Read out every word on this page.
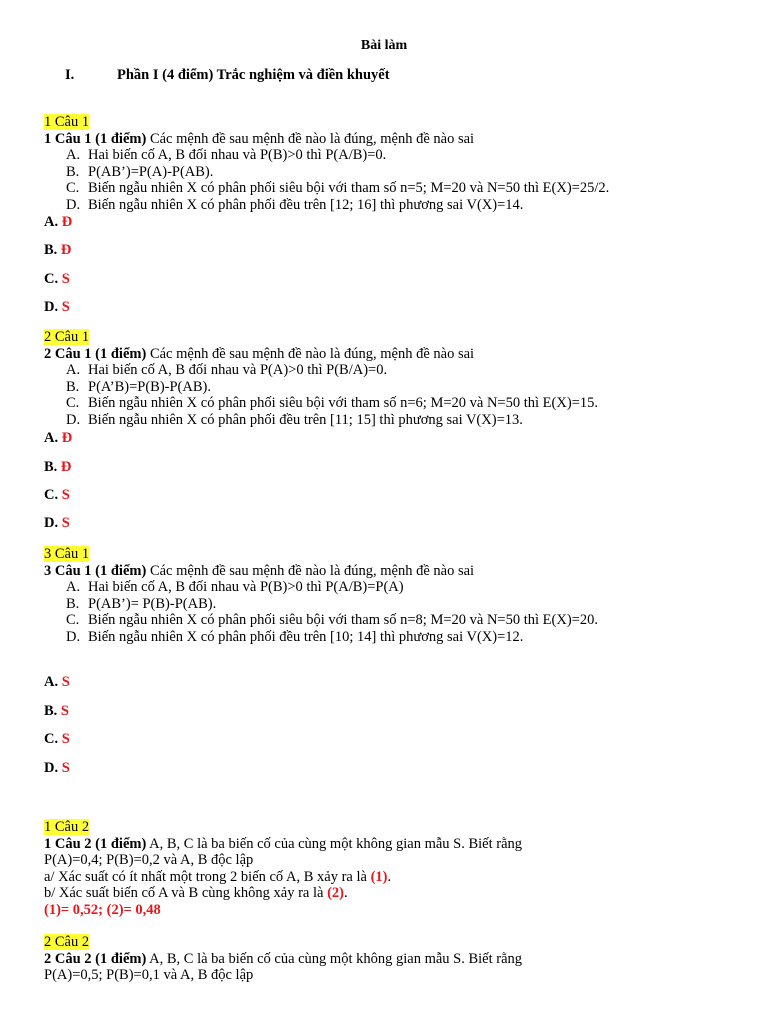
Bài làm
I.	Phần I (4 điểm) Trắc nghiệm và điền khuyết
1 Câu 1
1 Câu 1 (1 điểm) Các mệnh đề sau mệnh đề nào là đúng, mệnh đề nào sai
A. Hai biến cố A, B đối nhau và P(B)>0 thì P(A/B)=0.
B. P(AB’)=P(A)-P(AB).
C. Biến ngẫu nhiên X có phân phối siêu bội với tham số n=5; M=20 và N=50 thì E(X)=25/2.
D. Biến ngẫu nhiên X có phân phối đều trên [12; 16] thì phương sai V(X)=14.
A. Đ
B. Đ
C. S
D. S
2 Câu 1
2 Câu 1 (1 điểm) Các mệnh đề sau mệnh đề nào là đúng, mệnh đề nào sai
A. Hai biến cố A, B đối nhau và P(A)>0 thì P(B/A)=0.
B. P(A’B)=P(B)-P(AB).
C. Biến ngẫu nhiên X có phân phối siêu bội với tham số n=6; M=20 và N=50 thì E(X)=15.
D. Biến ngẫu nhiên X có phân phối đều trên [11; 15] thì phương sai V(X)=13.
A. Đ
B. Đ
C. S
D. S
3 Câu 1
3 Câu 1 (1 điểm) Các mệnh đề sau mệnh đề nào là đúng, mệnh đề nào sai
A. Hai biến cố A, B đối nhau và P(B)>0 thì P(A/B)=P(A)
B. P(AB’)= P(B)-P(AB).
C. Biến ngẫu nhiên X có phân phối siêu bội với tham số n=8; M=20 và N=50 thì E(X)=20.
D. Biến ngẫu nhiên X có phân phối đều trên [10; 14] thì phương sai V(X)=12.
A. S
B. S
C. S
D. S
1 Câu 2
1 Câu 2 (1 điểm) A, B, C là ba biến cố của cùng một không gian mẫu S. Biết rằng
P(A)=0,4; P(B)=0,2 và A, B độc lập
a/ Xác suất có ít nhất một trong 2 biến cố A, B xảy ra là (1).
b/ Xác suất biến cố A và B cùng không xảy ra là (2).
(1)= 0,52; (2)= 0,48
2 Câu 2
2 Câu 2 (1 điểm) A, B, C là ba biến cố của cùng một không gian mẫu S. Biết rằng
P(A)=0,5; P(B)=0,1 và A, B độc lập
